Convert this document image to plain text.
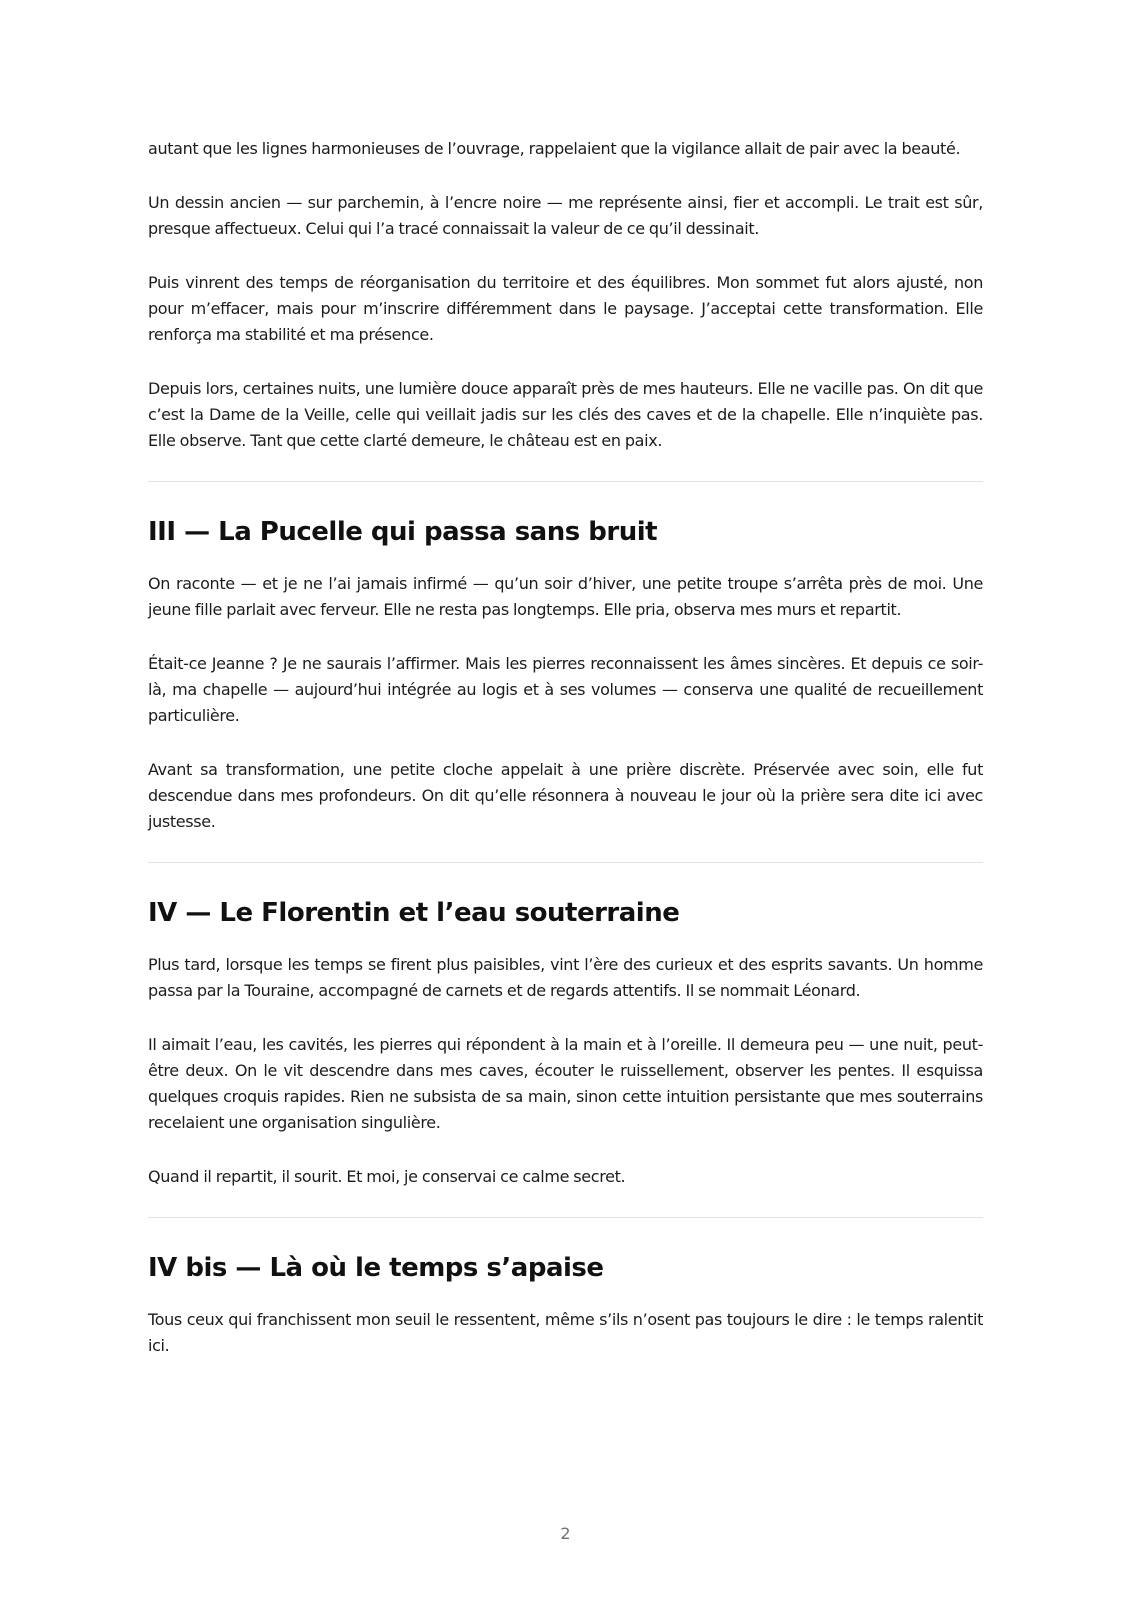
autant que les lignes harmonieuses de l’ouvrage, rappelaient que la vigilance allait de pair avec la beauté.

Un dessin ancien — sur parchemin, à l’encre noire — me représente ainsi, fier et accompli. Le trait est sûr, presque affectueux. Celui qui l’a tracé connaissait la valeur de ce qu’il dessinait.

Puis vinrent des temps de réorganisation du territoire et des équilibres. Mon sommet fut alors ajusté, non pour m’effacer, mais pour m’inscrire différemment dans le paysage. J’acceptai cette transformation. Elle renforça ma stabilité et ma présence.

Depuis lors, certaines nuits, une lumière douce apparaît près de mes hauteurs. Elle ne vacille pas. On dit que c’est la Dame de la Veille, celle qui veillait jadis sur les clés des caves et de la chapelle. Elle n’inquiète pas. Elle observe. Tant que cette clarté demeure, le château est en paix.

III — La Pucelle qui passa sans bruit

On raconte — et je ne l’ai jamais infirmé — qu’un soir d’hiver, une petite troupe s’arrêta près de moi. Une jeune fille parlait avec ferveur. Elle ne resta pas longtemps. Elle pria, observa mes murs et repartit.

Était-ce Jeanne ? Je ne saurais l’affirmer. Mais les pierres reconnaissent les âmes sincères. Et depuis ce soir-là, ma chapelle — aujourd’hui intégrée au logis et à ses volumes — conserva une qualité de recueillement particulière.

Avant sa transformation, une petite cloche appelait à une prière discrète. Préservée avec soin, elle fut descendue dans mes profondeurs. On dit qu’elle résonnera à nouveau le jour où la prière sera dite ici avec justesse.

IV — Le Florentin et l’eau souterraine

Plus tard, lorsque les temps se firent plus paisibles, vint l’ère des curieux et des esprits savants. Un homme passa par la Touraine, accompagné de carnets et de regards attentifs. Il se nommait Léonard.

Il aimait l’eau, les cavités, les pierres qui répondent à la main et à l’oreille. Il demeura peu — une nuit, peut-être deux. On le vit descendre dans mes caves, écouter le ruissellement, observer les pentes. Il esquissa quelques croquis rapides. Rien ne subsista de sa main, sinon cette intuition persistante que mes souterrains recelaient une organisation singulière.

Quand il repartit, il sourit. Et moi, je conservai ce calme secret.

IV bis — Là où le temps s’apaise

Tous ceux qui franchissent mon seuil le ressentent, même s’ils n’osent pas toujours le dire : le temps ralentit ici.

2
